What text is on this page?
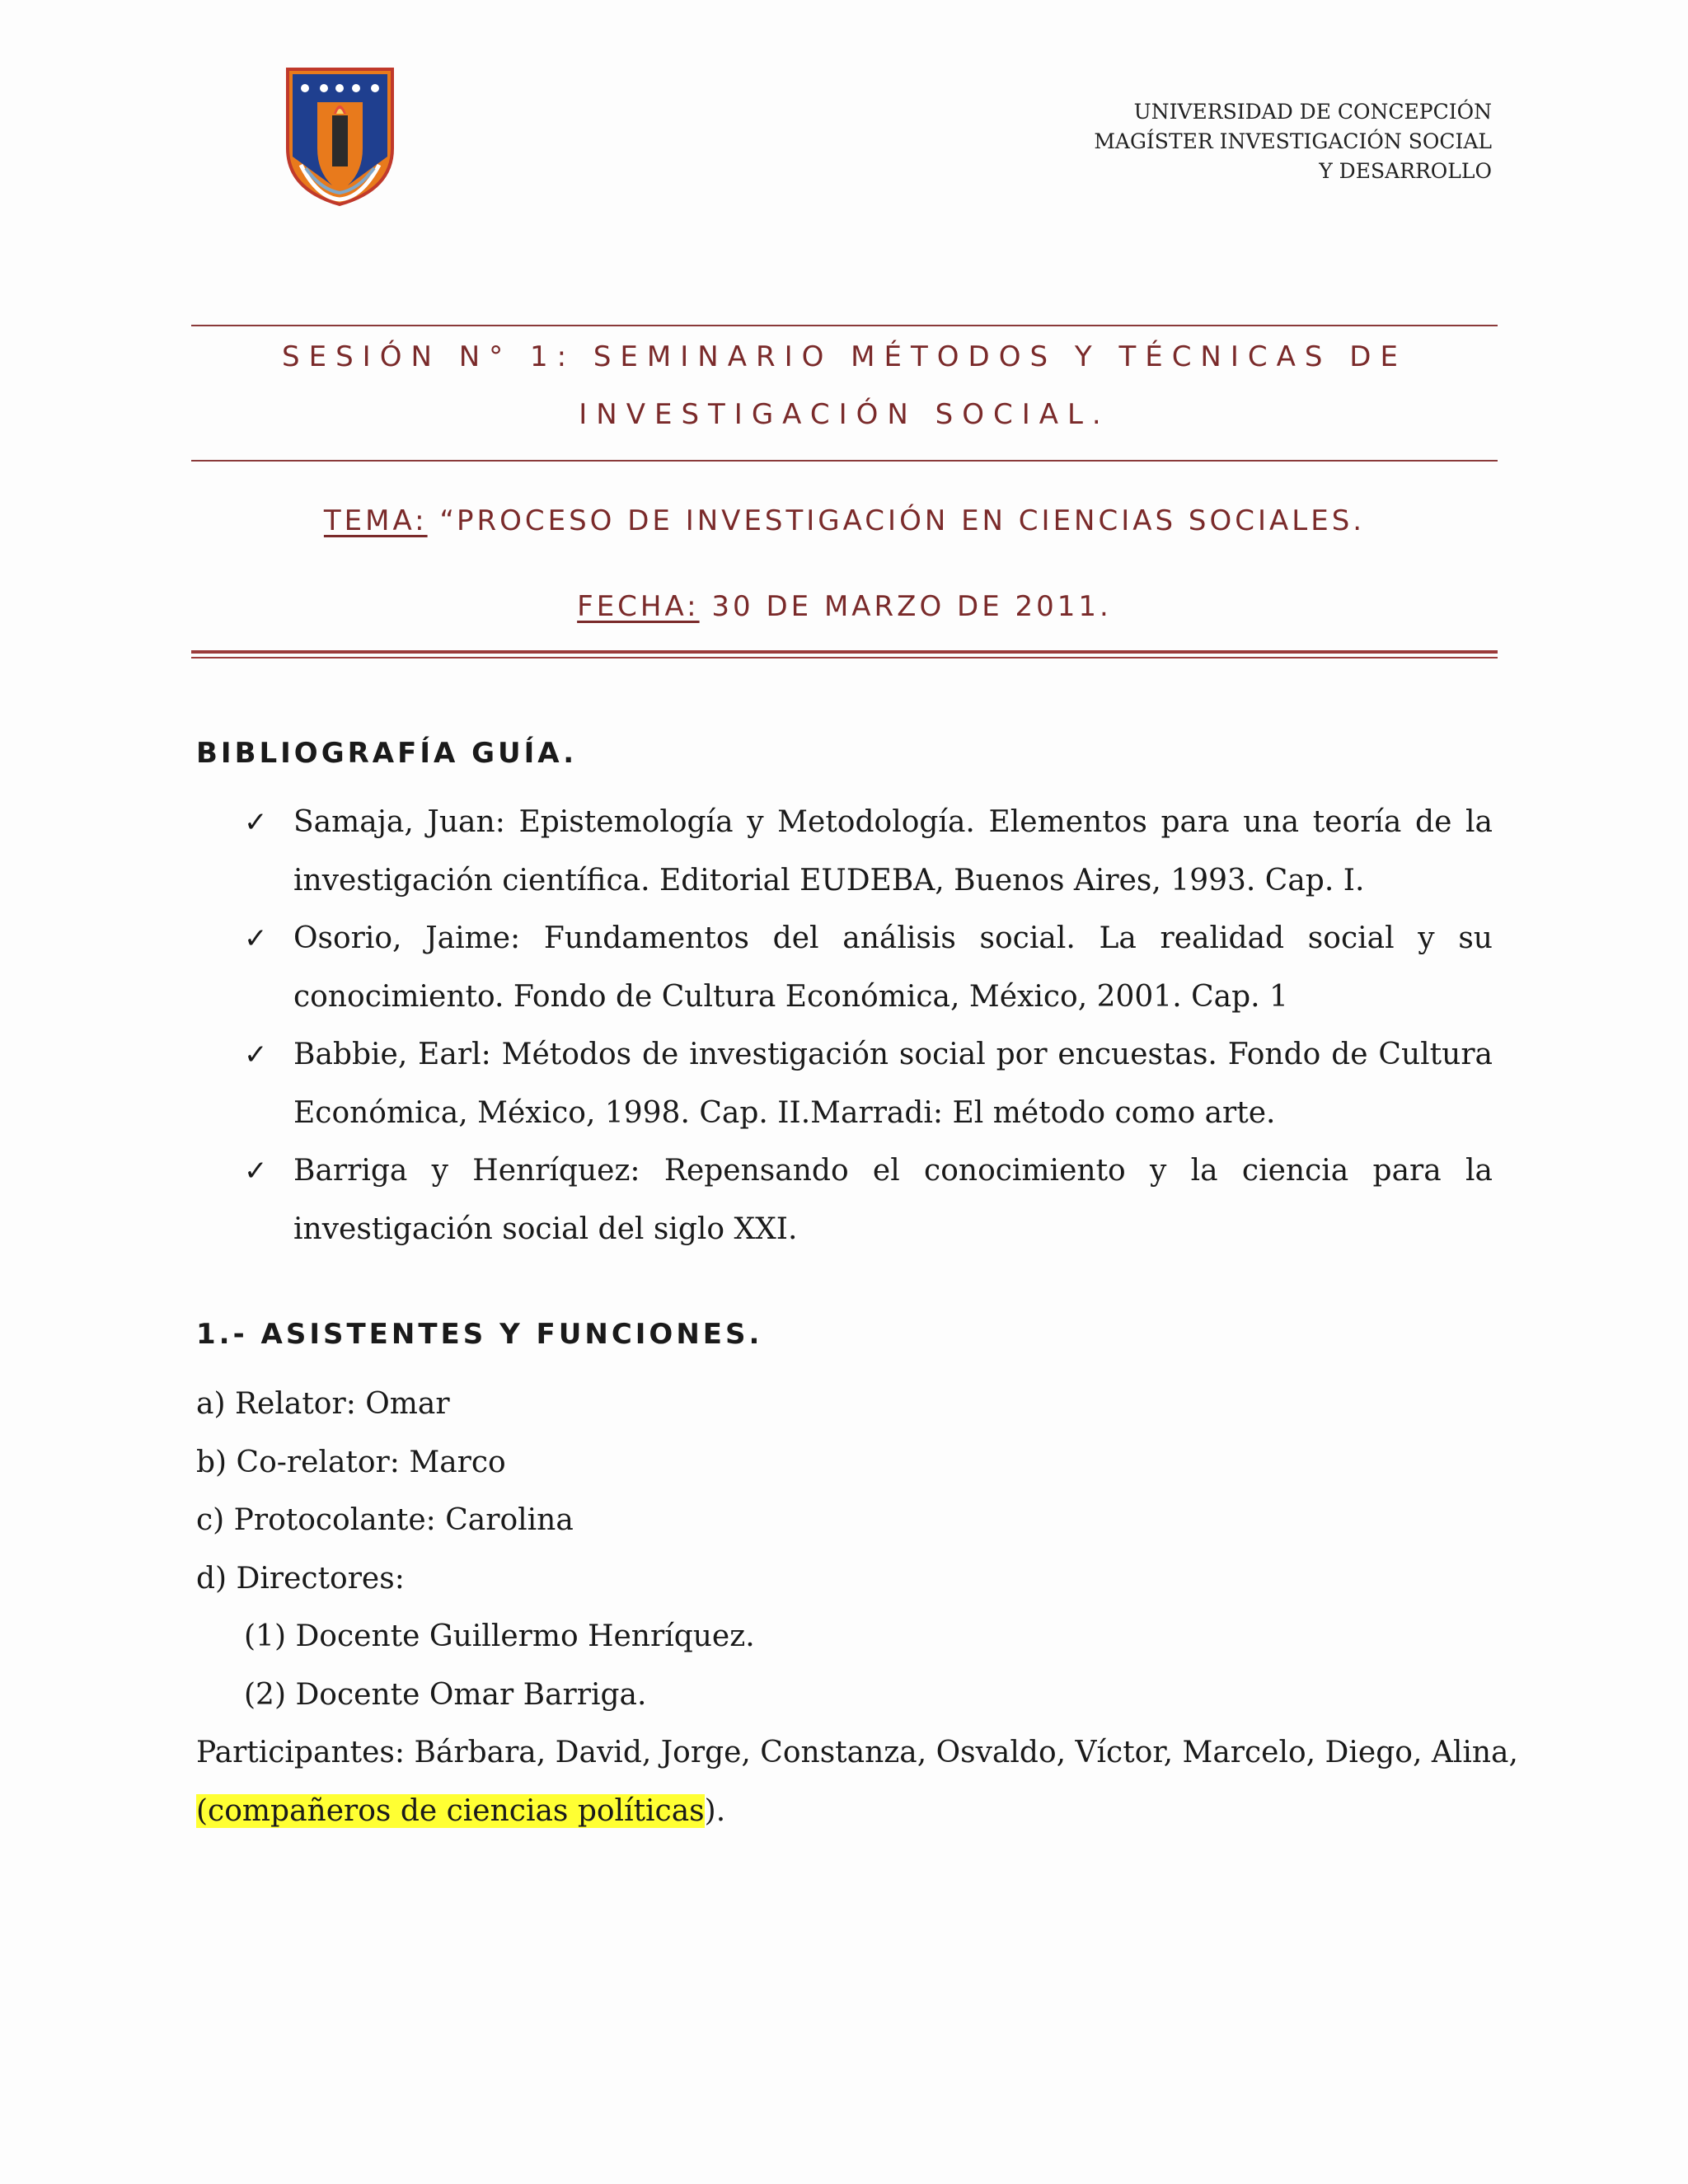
UNIVERSIDAD DE CONCEPCIÓN
MAGÍSTER INVESTIGACIÓN SOCIAL
Y DESARROLLO
SESIÓN N° 1: SEMINARIO MÉTODOS Y TÉCNICAS DE
INVESTIGACIÓN SOCIAL.
TEMA: “PROCESO DE INVESTIGACIÓN EN CIENCIAS SOCIALES.
FECHA: 30 DE MARZO DE 2011.
BIBLIOGRAFÍA GUÍA.
✓ Samaja, Juan: Epistemología y Metodología. Elementos para una teoría de la investigación científica. Editorial EUDEBA, Buenos Aires, 1993. Cap. I.
✓ Osorio, Jaime: Fundamentos del análisis social. La realidad social y su conocimiento. Fondo de Cultura Económica, México, 2001. Cap. 1
✓ Babbie, Earl: Métodos de investigación social por encuestas. Fondo de Cultura Económica, México, 1998. Cap. II.Marradi: El método como arte.
✓ Barriga y Henríquez: Repensando el conocimiento y la ciencia para la investigación social del siglo XXI.
1.- ASISTENTES Y FUNCIONES.
a) Relator: Omar
b) Co-relator: Marco
c) Protocolante: Carolina
d) Directores:
(1) Docente Guillermo Henríquez.
(2) Docente Omar Barriga.
Participantes: Bárbara, David, Jorge, Constanza, Osvaldo, Víctor, Marcelo, Diego, Alina,
(compañeros de ciencias políticas).
